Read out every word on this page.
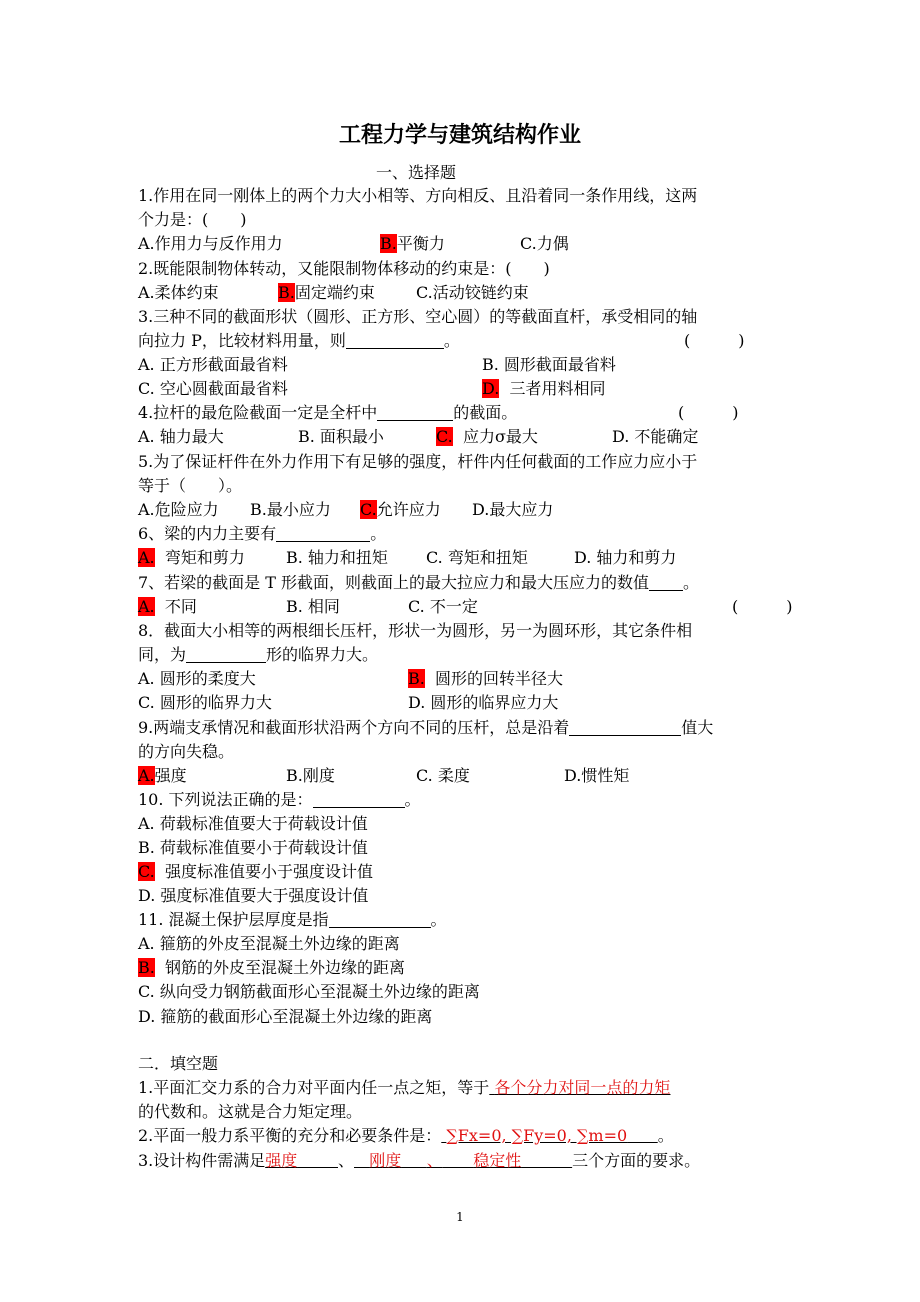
工程力学与建筑结构作业
一、选择题
1.作用在同一刚体上的两个力大小相等、方向相反、且沿着同一条作用线，这两
个力是：(　　)
A.作用力与反作用力	B.平衡力	C.力偶
2.既能限制物体转动，又能限制物体移动的约束是：(　　)
A.柔体约束	B.固定端约束	C.活动铰链约束
3.三种不同的截面形状（圆形、正方形、空心圆）的等截面直杆，承受相同的轴
向拉力 P，比较材料用量，则	。	(　　　)
A. 正方形截面最省料	B. 圆形截面最省料
C. 空心圆截面最省料	D. 三者用料相同
4.拉杆的最危险截面一定是全杆中	的截面。	(　　　)
A. 轴力最大	B. 面积最小	C. 应力σ最大	D. 不能确定
5.为了保证杆件在外力作用下有足够的强度，杆件内任何截面的工作应力应小于
等于（　　）。
A.危险应力 B.最小应力 C.允许应力 D.最大应力
6、梁的内力主要有	。
A. 弯矩和剪力	B. 轴力和扭矩 C. 弯矩和扭矩	D. 轴力和剪力
7、若梁的截面是 T 形截面，则截面上的最大拉应力和最大压应力的数值 。
A. 不同	B. 相同	C. 不一定	(　　　)
8．截面大小相等的两根细长压杆，形状一为圆形，另一为圆环形，其它条件相
同，为	形的临界力大。
A. 圆形的柔度大	B. 圆形的回转半径大
C. 圆形的临界力大	D. 圆形的临界应力大
9.两端支承情况和截面形状沿两个方向不同的压杆，总是沿着	值大
的方向失稳。
A.强度	B.刚度	C. 柔度	D.惯性矩
10. 下列说法正确的是：	。
A. 荷载标准值要大于荷载设计值
B. 荷载标准值要小于荷载设计值
C. 强度标准值要小于强度设计值
D. 强度标准值要大于强度设计值
11. 混凝土保护层厚度是指	。
A. 箍筋的外皮至混凝土外边缘的距离
B. 钢筋的外皮至混凝土外边缘的距离
C. 纵向受力钢筋截面形心至混凝土外边缘的距离
D. 箍筋的截面形心至混凝土外边缘的距离
二．填空题
1.平面汇交力系的合力对平面内任一点之矩，等于 各个分力对同一点的力矩
的代数和。这就是合力矩定理。
2.平面一般力系平衡的充分和必要条件是： ∑Fx=0, ∑Fy=0, ∑m=0 。
3.设计构件需满足强度	、 刚度 、 稳定性	三个方面的要求。
1
